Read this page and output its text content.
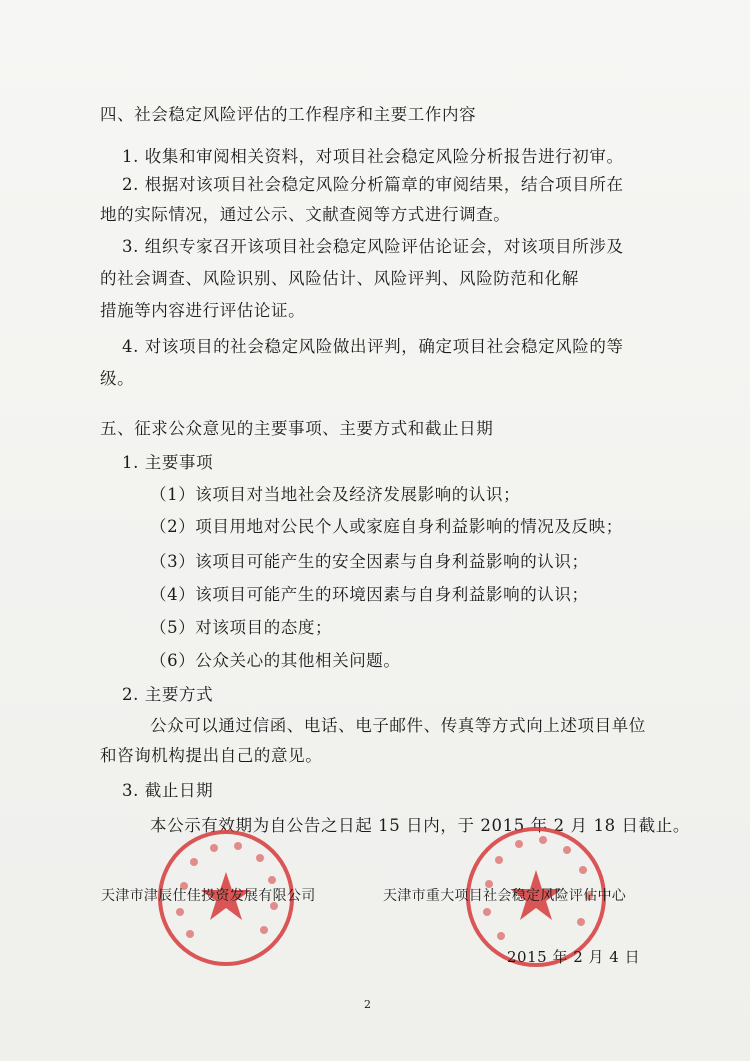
四、社会稳定风险评估的工作程序和主要工作内容
1. 收集和审阅相关资料，对项目社会稳定风险分析报告进行初审。
2. 根据对该项目社会稳定风险分析篇章的审阅结果，结合项目所在
地的实际情况，通过公示、文献查阅等方式进行调查。
3. 组织专家召开该项目社会稳定风险评估论证会，对该项目所涉及
的社会调查、风险识别、风险估计、风险评判、风险防范和化解
措施等内容进行评估论证。
4. 对该项目的社会稳定风险做出评判，确定项目社会稳定风险的等
级。
五、征求公众意见的主要事项、主要方式和截止日期
1. 主要事项
（1）该项目对当地社会及经济发展影响的认识；
（2）项目用地对公民个人或家庭自身利益影响的情况及反映；
（3）该项目可能产生的安全因素与自身利益影响的认识；
（4）该项目可能产生的环境因素与自身利益影响的认识；
（5）对该项目的态度；
（6）公众关心的其他相关问题。
2. 主要方式
公众可以通过信函、电话、电子邮件、传真等方式向上述项目单位
和咨询机构提出自己的意见。
3. 截止日期
本公示有效期为自公告之日起 15 日内，于 2015 年 2 月 18 日截止。
天津市津辰仕佳投资发展有限公司	天津市重大项目社会稳定风险评估中心
2015 年 2 月 4 日
2
